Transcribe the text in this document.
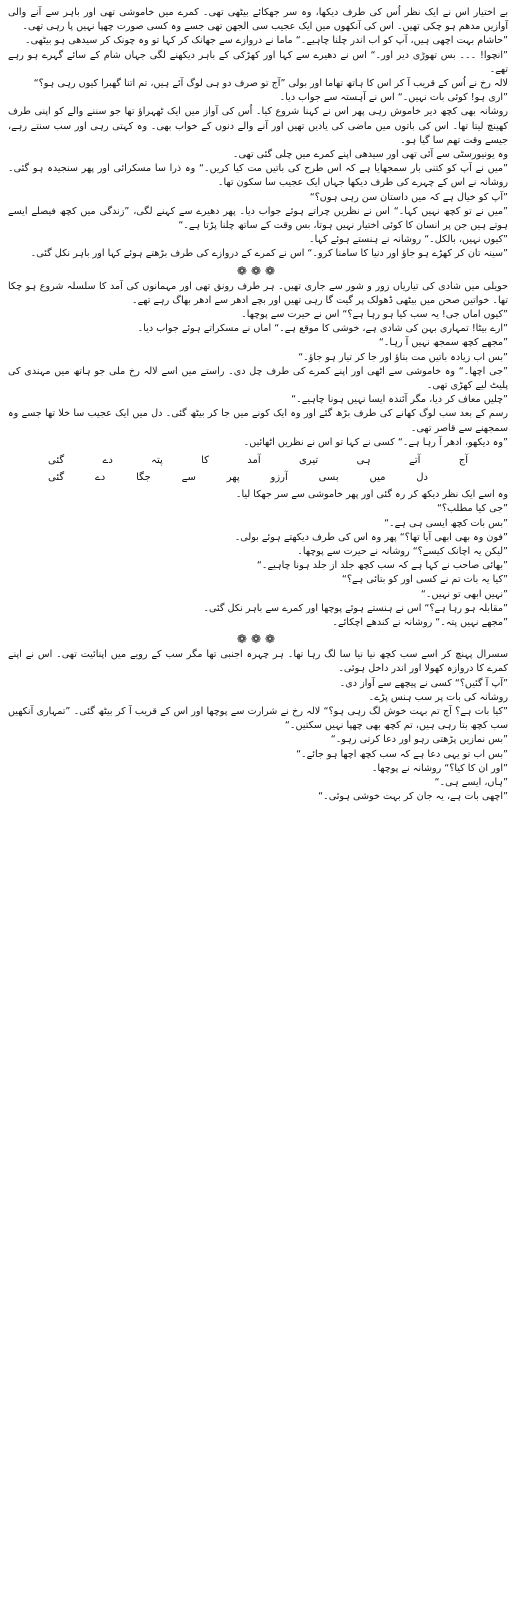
بے اختیار اس نے ایک نظر اُس کی طرف دیکھا، وہ سر جھکائے بیٹھی تھی۔ کمرے میں خاموشی تھی اور باہر سے آنے والی آوازیں مدھم ہو چکی تھیں۔ اس کی آنکھوں میں ایک عجیب سی الجھن تھی جسے وہ کسی صورت چھپا نہیں پا رہی تھی۔

”حاشام بہت اچھی ہیں، آپ کو اب اندر چلنا چاہیے۔“ ماما نے دروازے سے جھانک کر کہا تو وہ چونک کر سیدھی ہو بیٹھی۔

”انچوا! ۔۔۔ بس تھوڑی دیر اور۔“ اس نے دھیرے سے کہا اور کھڑکی کے باہر دیکھنے لگی جہاں شام کے سائے گہرے ہو رہے تھے۔

لالہ رخ نے اُس کے قریب آ کر اس کا ہاتھ تھاما اور بولی ”آج تو صرف دو ہی لوگ آئے ہیں، تم اتنا گھبرا کیوں رہی ہو؟“

”اری ہو! کوئی بات نہیں۔“ اس نے آہستہ سے جواب دیا۔

روشانہ بھی کچھ دیر خاموش رہی پھر اس نے کہنا شروع کیا۔ اُس کی آواز میں ایک ٹھہراؤ تھا جو سننے والے کو اپنی طرف کھینچ لیتا تھا۔ اس کی باتوں میں ماضی کی یادیں تھیں اور آنے والے دنوں کے خواب بھی۔ وہ کہتی رہی اور سب سنتے رہے، جیسے وقت تھم سا گیا ہو۔

وہ یونیورسٹی سے آئی تھی اور سیدھی اپنے کمرے میں چلی گئی تھی۔

”میں نے آپ کو کتنی بار سمجھایا ہے کہ اس طرح کی باتیں مت کیا کریں۔“ وہ ذرا سا مسکرائی اور پھر سنجیدہ ہو گئی۔ روشانہ نے اس کے چہرے کی طرف دیکھا جہاں ایک عجیب سا سکون تھا۔

”آپ کو خیال ہے کہ میں داستان سن رہی ہوں؟“

”میں نے تو کچھ نہیں کہا۔“ اس نے نظریں چراتے ہوئے جواب دیا۔ پھر دھیرے سے کہنے لگی، ”زندگی میں کچھ فیصلے ایسے ہوتے ہیں جن پر انسان کا کوئی اختیار نہیں ہوتا، بس وقت کے ساتھ چلنا پڑتا ہے۔“

”کیوں نہیں، بالکل۔“ روشانہ نے ہنستے ہوئے کہا۔

”سینہ تان کر کھڑے ہو جاؤ اور دنیا کا سامنا کرو۔“ اس نے کمرے کے دروازے کی طرف بڑھتے ہوئے کہا اور باہر نکل گئی۔

❁❁❁

حویلی میں شادی کی تیاریاں زور و شور سے جاری تھیں۔ ہر طرف رونق تھی اور مہمانوں کی آمد کا سلسلہ شروع ہو چکا تھا۔ خواتین صحن میں بیٹھی ڈھولک پر گیت گا رہی تھیں اور بچے ادھر سے ادھر بھاگ رہے تھے۔

”کیوں اماں جی! یہ سب کیا ہو رہا ہے؟“ اس نے حیرت سے پوچھا۔

”ارے بیٹا! تمہاری بہن کی شادی ہے، خوشی کا موقع ہے۔“ اماں نے مسکراتے ہوئے جواب دیا۔

”مجھے کچھ سمجھ نہیں آ رہا۔“

”بس اب زیادہ باتیں مت بناؤ اور جا کر تیار ہو جاؤ۔“

”جی اچھا۔“ وہ خاموشی سے اٹھی اور اپنے کمرے کی طرف چل دی۔ راستے میں اسے لالہ رخ ملی جو ہاتھ میں مہندی کی پلیٹ لیے کھڑی تھی۔

”چلیں معاف کر دیا، مگر آئندہ ایسا نہیں ہونا چاہیے۔“

رسم کے بعد سب لوگ کھانے کی طرف بڑھ گئے اور وہ ایک کونے میں جا کر بیٹھ گئی۔ دل میں ایک عجیب سا خلا تھا جسے وہ سمجھنے سے قاصر تھی۔

”وہ دیکھو، ادھر آ رہا ہے۔“ کسی نے کہا تو اس نے نظریں اٹھائیں۔

آج آتے ہی تیری آمد کا پتہ دے گئی

دل میں بسی آرزو پھر سے جگا دے گئی

وہ اسے ایک نظر دیکھ کر رہ گئی اور پھر خاموشی سے سر جھکا لیا۔

”جی کیا مطلب؟“

”بس بات کچھ ایسی ہی ہے۔“

”فون وہ بھی ابھی آیا تھا؟“ پھر وہ اس کی طرف دیکھتے ہوئے بولی۔

”لیکن یہ اچانک کیسے؟“ روشانہ نے حیرت سے پوچھا۔

”بھائی صاحب نے کہا ہے کہ سب کچھ جلد از جلد ہونا چاہیے۔“

”کیا یہ بات تم نے کسی اور کو بتائی ہے؟“

”نہیں ابھی تو نہیں۔“

”مقابلہ ہو رہا ہے؟“ اس نے ہنستے ہوئے پوچھا اور کمرے سے باہر نکل گئی۔

”مجھے نہیں پتہ۔“ روشانہ نے کندھے اچکائے۔

❁❁❁

سسرال پہنچ کر اسے سب کچھ نیا نیا سا لگ رہا تھا۔ ہر چہرہ اجنبی تھا مگر سب کے رویے میں اپنائیت تھی۔ اس نے اپنے کمرے کا دروازہ کھولا اور اندر داخل ہوئی۔

”آپ آ گئیں؟“ کسی نے پیچھے سے آواز دی۔

روشانہ کی بات پر سب ہنس پڑے۔

”کیا بات ہے؟ آج تم بہت خوش لگ رہی ہو؟“ لالہ رخ نے شرارت سے پوچھا اور اس کے قریب آ کر بیٹھ گئی۔ ”تمہاری آنکھیں سب کچھ بتا رہی ہیں، تم کچھ بھی چھپا نہیں سکتیں۔“

”بس نمازیں پڑھتی رہو اور دعا کرتی رہو۔“

”بس اب تو یہی دعا ہے کہ سب کچھ اچھا ہو جائے۔“

”اور ان کا کیا؟“ روشانہ نے پوچھا۔

”ہاں، ایسے ہی۔“

”اچھی بات ہے، یہ جان کر بہت خوشی ہوئی۔“
